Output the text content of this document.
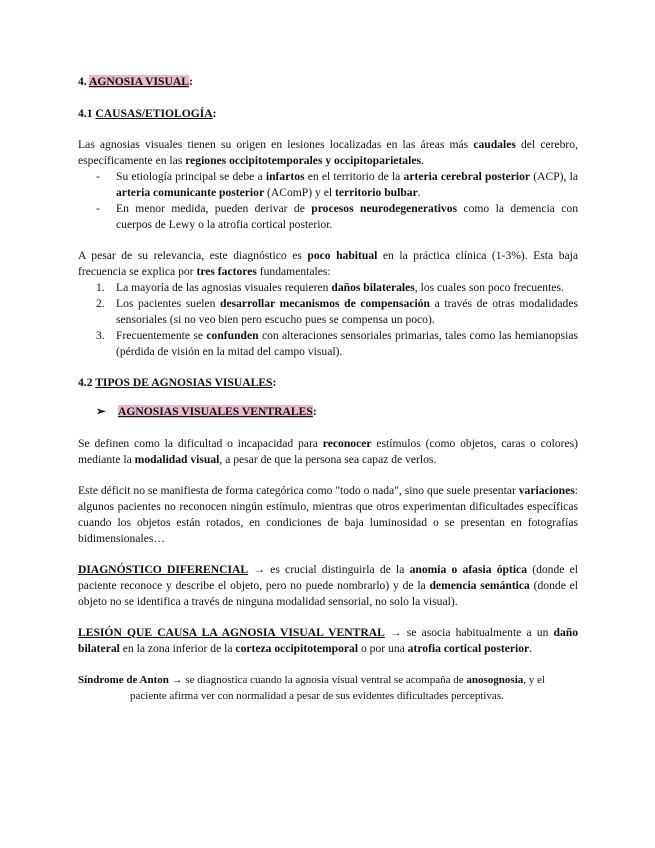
4. AGNOSIA VISUAL:

4.1 CAUSAS/ETIOLOGÍA:

Las agnosias visuales tienen su origen en lesiones localizadas en las áreas más caudales del cerebro, específicamente en las regiones occipitotemporales y occipitoparietales.

- Su etiología principal se debe a infartos en el territorio de la arteria cerebral posterior (ACP), la arteria comunicante posterior (AComP) y el territorio bulbar.
- En menor medida, pueden derivar de procesos neurodegenerativos como la demencia con cuerpos de Lewy o la atrofia cortical posterior.

A pesar de su relevancia, este diagnóstico es poco habitual en la práctica clínica (1-3%). Esta baja frecuencia se explica por tres factores fundamentales:

1. La mayoría de las agnosias visuales requieren daños bilaterales, los cuales son poco frecuentes.
2. Los pacientes suelen desarrollar mecanismos de compensación a través de otras modalidades sensoriales (si no veo bien pero escucho pues se compensa un poco).
3. Frecuentemente se confunden con alteraciones sensoriales primarias, tales como las hemianopsias (pérdida de visión en la mitad del campo visual).

4.2 TIPOS DE AGNOSIAS VISUALES:

➢ AGNOSIAS VISUALES VENTRALES:

Se definen como la dificultad o incapacidad para reconocer estímulos (como objetos, caras o colores) mediante la modalidad visual, a pesar de que la persona sea capaz de verlos.

Este déficit no se manifiesta de forma categórica como "todo o nada", sino que suele presentar variaciones: algunos pacientes no reconocen ningún estímulo, mientras que otros experimentan dificultades específicas cuando los objetos están rotados, en condiciones de baja luminosidad o se presentan en fotografías bidimensionales…

DIAGNÓSTICO DIFERENCIAL → es crucial distinguirla de la anomia o afasia óptica (donde el paciente reconoce y describe el objeto, pero no puede nombrarlo) y de la demencia semántica (donde el objeto no se identifica a través de ninguna modalidad sensorial, no solo la visual).

LESIÓN QUE CAUSA LA AGNOSIA VISUAL VENTRAL → se asocia habitualmente a un daño bilateral en la zona inferior de la corteza occipitotemporal o por una atrofia cortical posterior.

Síndrome de Anton → se diagnostica cuando la agnosia visual ventral se acompaña de anosognosia, y el
paciente afirma ver con normalidad a pesar de sus evidentes dificultades perceptivas.
